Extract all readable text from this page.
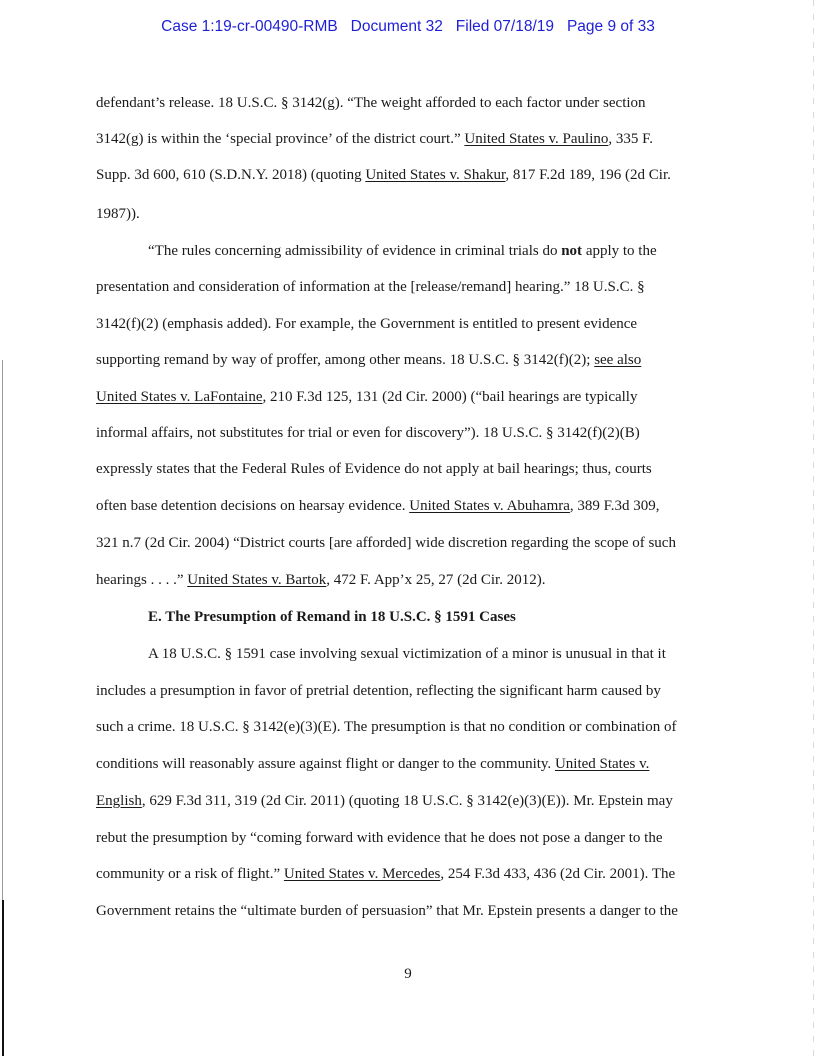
Case 1:19-cr-00490-RMB Document 32 Filed 07/18/19 Page 9 of 33
defendant’s release. 18 U.S.C. § 3142(g). “The weight afforded to each factor under section
3142(g) is within the ‘special province’ of the district court.” United States v. Paulino, 335 F.
Supp. 3d 600, 610 (S.D.N.Y. 2018) (quoting United States v. Shakur, 817 F.2d 189, 196 (2d Cir.
1987)).
“The rules concerning admissibility of evidence in criminal trials do not apply to the
presentation and consideration of information at the [release/remand] hearing.” 18 U.S.C. §
3142(f)(2) (emphasis added). For example, the Government is entitled to present evidence
supporting remand by way of proffer, among other means. 18 U.S.C. § 3142(f)(2); see also
United States v. LaFontaine, 210 F.3d 125, 131 (2d Cir. 2000) (“bail hearings are typically
informal affairs, not substitutes for trial or even for discovery”). 18 U.S.C. § 3142(f)(2)(B)
expressly states that the Federal Rules of Evidence do not apply at bail hearings; thus, courts
often base detention decisions on hearsay evidence. United States v. Abuhamra, 389 F.3d 309,
321 n.7 (2d Cir. 2004) “District courts [are afforded] wide discretion regarding the scope of such
hearings . . . .” United States v. Bartok, 472 F. App’x 25, 27 (2d Cir. 2012).
E. The Presumption of Remand in 18 U.S.C. § 1591 Cases
A 18 U.S.C. § 1591 case involving sexual victimization of a minor is unusual in that it
includes a presumption in favor of pretrial detention, reflecting the significant harm caused by
such a crime. 18 U.S.C. § 3142(e)(3)(E). The presumption is that no condition or combination of
conditions will reasonably assure against flight or danger to the community. United States v.
English, 629 F.3d 311, 319 (2d Cir. 2011) (quoting 18 U.S.C. § 3142(e)(3)(E)). Mr. Epstein may
rebut the presumption by “coming forward with evidence that he does not pose a danger to the
community or a risk of flight.” United States v. Mercedes, 254 F.3d 433, 436 (2d Cir. 2001). The
Government retains the “ultimate burden of persuasion” that Mr. Epstein presents a danger to the
9
